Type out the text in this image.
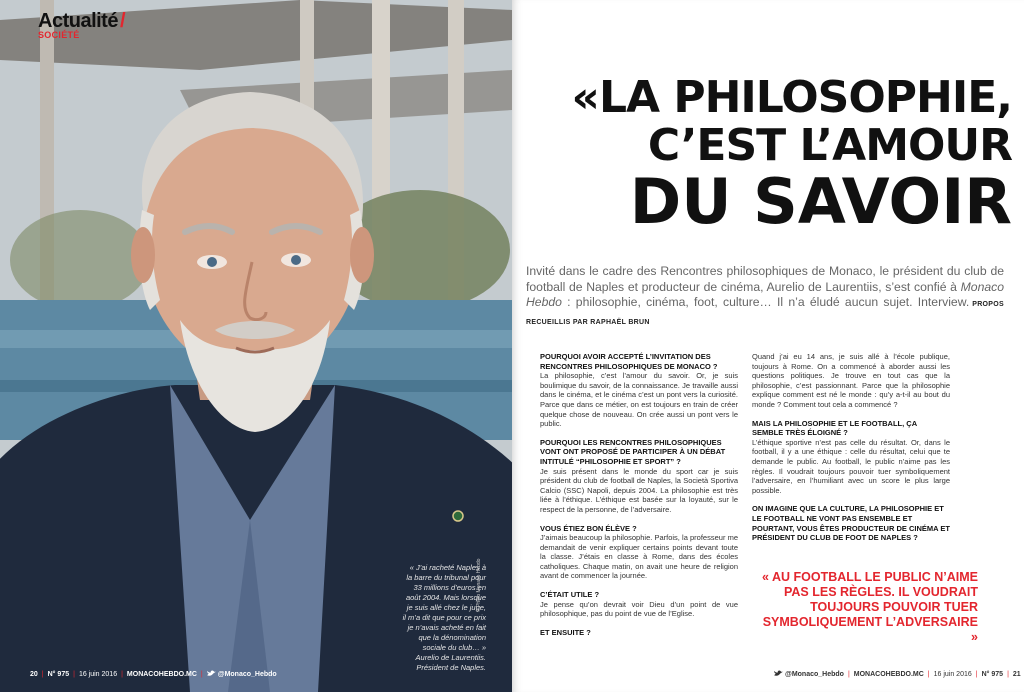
Actualité /
SOCIÉTÉ

« J’ai racheté Naples à la barre du tribunal pour 33 millions d’euros en août 2004. Mais lorsque je suis allé chez le juge, il m’a dit que pour ce prix je n’avais acheté en fait que la dénomination sociale du club… » Aurelio de Laurentiis. Président de Naples.

© Photo Monaco Hebdo
20 | N° 975 | 16 juin 2016 | MONACOHEBDO.MC | @Monaco_Hebdo
«LA PHILOSOPHIE,
C’EST L’AMOUR
DU SAVOIR

Invité dans le cadre des Rencontres philosophiques de Monaco, le président du club de football de Naples et producteur de cinéma, Aurelio de Laurentiis, s’est confié à Monaco Hebdo : philosophie, cinéma, foot, culture… Il n’a éludé aucun sujet. Interview. PROPOS RECUEILLIS PAR RAPHAËL BRUN

POURQUOI AVOIR ACCEPTÉ L’INVITATION DES RENCONTRES PHILOSOPHIQUES DE MONACO ?

La philosophie, c’est l’amour du savoir. Or, je suis boulimique du savoir, de la connaissance. Je travaille aussi dans le cinéma, et le cinéma c’est un pont vers la curiosité. Parce que dans ce métier, on est toujours en train de créer quelque chose de nouveau. On crée aussi un pont vers le public.

POURQUOI LES RENCONTRES PHILOSOPHIQUES VONT ONT PROPOSÉ DE PARTICIPER À UN DÉBAT INTITULÉ “PHILOSOPHIE ET SPORT” ?

Je suis présent dans le monde du sport car je suis président du club de football de Naples, la Società Sportiva Calcio (SSC) Napoli, depuis 2004. La philosophie est très liée à l’éthique. L’éthique est basée sur la loyauté, sur le respect de la personne, de l’adversaire.

VOUS ÉTIEZ BON ÉLÈVE ?

J’aimais beaucoup la philosophie. Parfois, la professeur me demandait de venir expliquer certains points devant toute la classe. J’étais en classe à Rome, dans des écoles catholiques. Chaque matin, on avait une heure de religion avant de commencer la journée.

C’ÉTAIT UTILE ?

Je pense qu’on devrait voir Dieu d’un point de vue philosophique, pas du point de vue de l’Eglise.

ET ENSUITE ?

Quand j’ai eu 14 ans, je suis allé à l’école publique, toujours à Rome. On a commencé à aborder aussi les questions politiques. Je trouve en tout cas que la philosophie, c’est passionnant. Parce que la philosophie explique comment est né le monde : qu’y a-t-il au bout du monde ? Comment tout cela a commencé ?

MAIS LA PHILOSOPHIE ET LE FOOTBALL, ÇA SEMBLE TRÈS ÉLOIGNÉ ?

L’éthique sportive n’est pas celle du résultat. Or, dans le football, il y a une éthique : celle du résultat, celui que te demande le public. Au football, le public n’aime pas les règles. Il voudrait toujours pouvoir tuer symboliquement l’adversaire, en l’humiliant avec un score le plus large possible.

ON IMAGINE QUE LA CULTURE, LA PHILOSOPHIE ET LE FOOTBALL NE VONT PAS ENSEMBLE ET POURTANT, VOUS ÊTES PRODUCTEUR DE CINÉMA ET PRÉSIDENT DU CLUB DE FOOT DE NAPLES ?

« AU FOOTBALL LE PUBLIC N’AIME PAS LES RÈGLES. IL VOUDRAIT TOUJOURS POUVOIR TUER SYMBOLIQUEMENT L’ADVERSAIRE »

@Monaco_Hebdo | MONACOHEBDO.MC | 16 juin 2016 | N° 975 | 21
